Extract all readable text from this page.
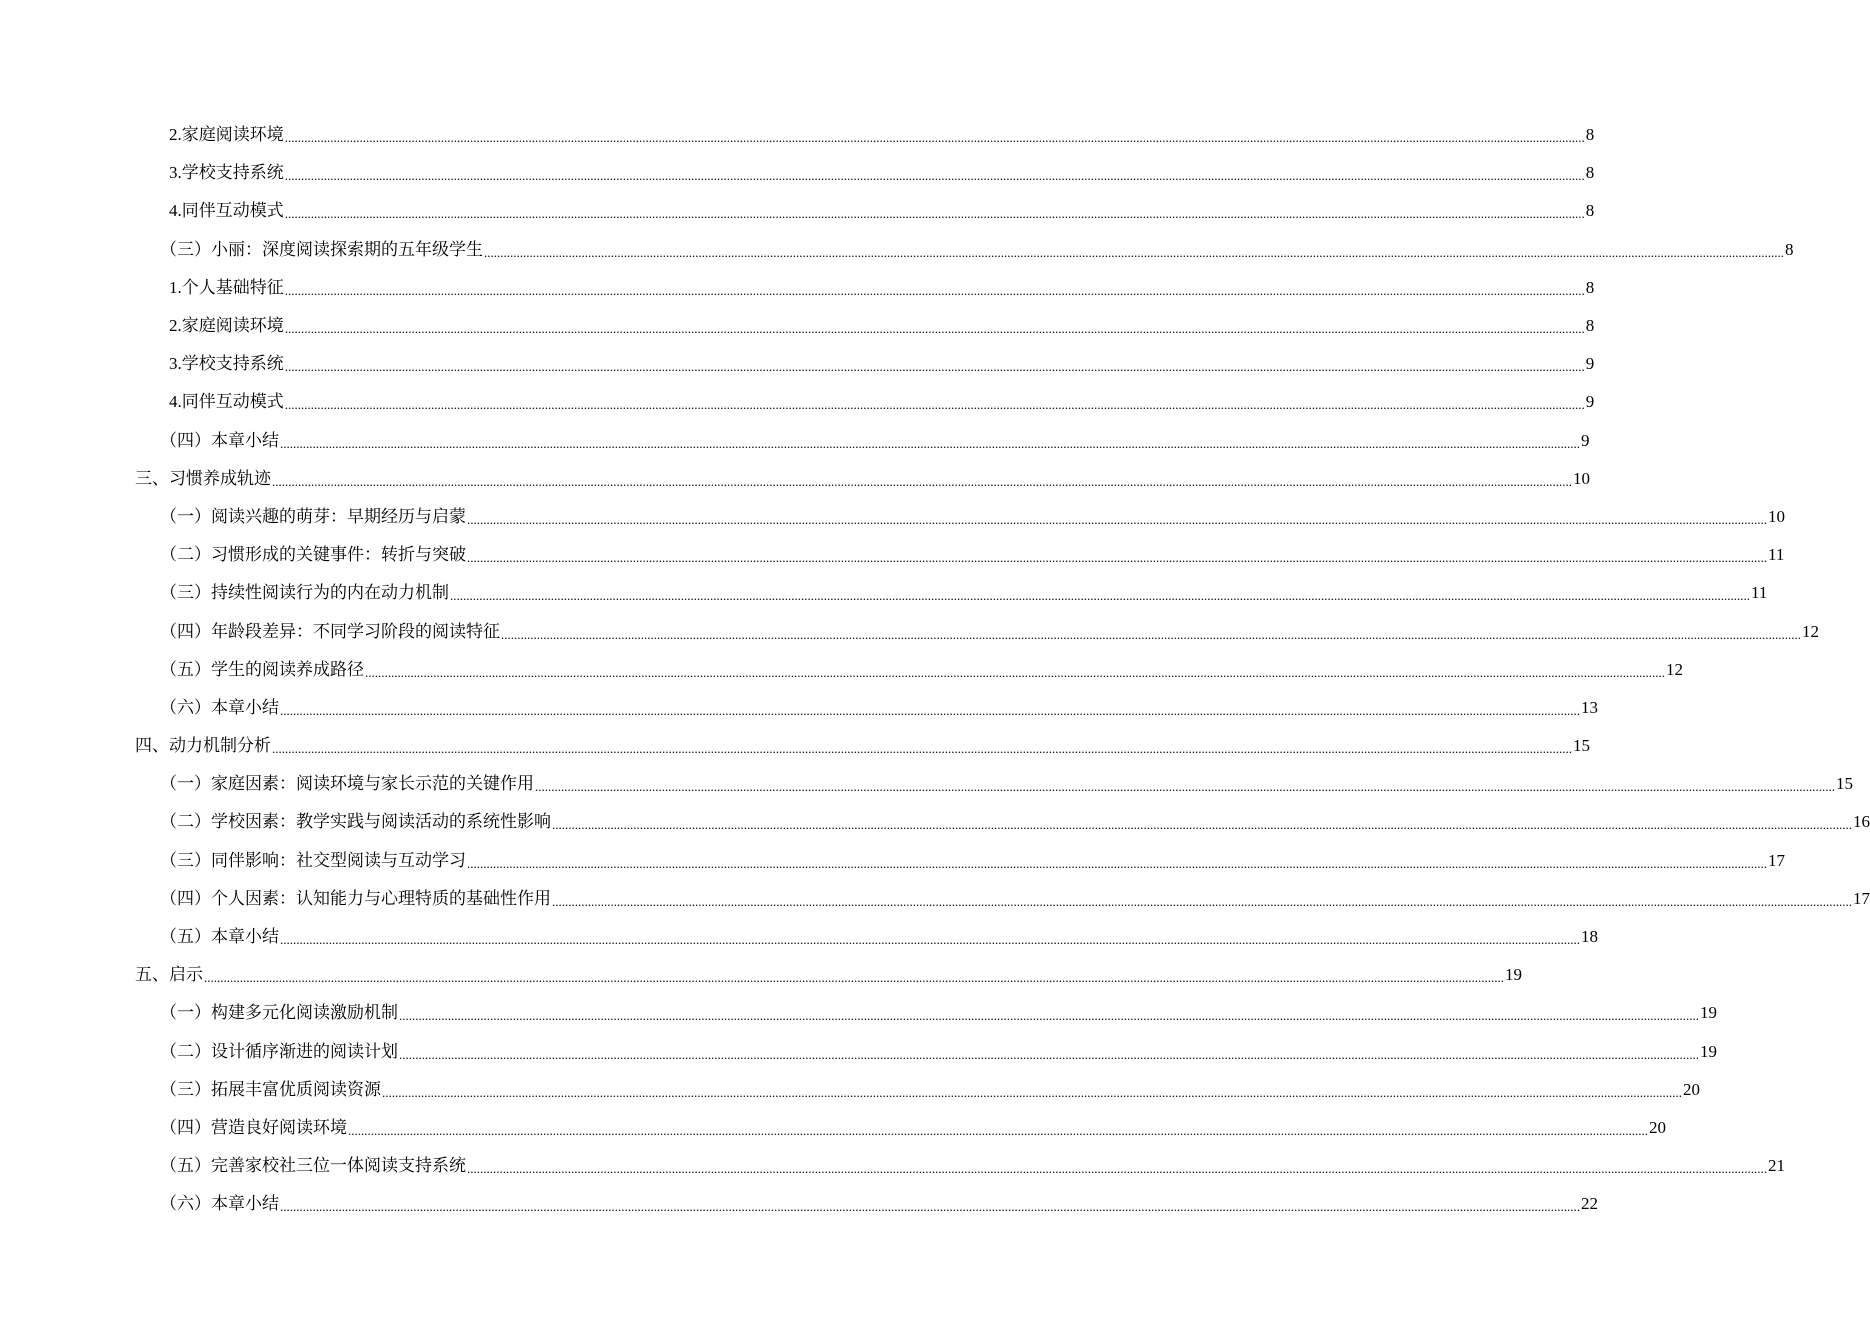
2.家庭阅读环境 ................................................................................................................................................................................................................................................................................................................................................................................................................ 8
3.学校支持系统 ................................................................................................................................................................................................................................................................................................................................................................................................................ 8
4.同伴互动模式 ................................................................................................................................................................................................................................................................................................................................................................................................................ 8
（三）小丽：深度阅读探索期的五年级学生 ................................................................................................................................................................................................................................................................................................................................................................................................................ 8
1.个人基础特征 ................................................................................................................................................................................................................................................................................................................................................................................................................ 8
2.家庭阅读环境 ................................................................................................................................................................................................................................................................................................................................................................................................................ 8
3.学校支持系统 ................................................................................................................................................................................................................................................................................................................................................................................................................ 9
4.同伴互动模式 ................................................................................................................................................................................................................................................................................................................................................................................................................ 9
（四）本章小结 ................................................................................................................................................................................................................................................................................................................................................................................................................ 9
三、习惯养成轨迹 ................................................................................................................................................................................................................................................................................................................................................................................................................ 10
（一）阅读兴趣的萌芽：早期经历与启蒙 ................................................................................................................................................................................................................................................................................................................................................................................................................ 10
（二）习惯形成的关键事件：转折与突破 ................................................................................................................................................................................................................................................................................................................................................................................................................ 11
（三）持续性阅读行为的内在动力机制 ................................................................................................................................................................................................................................................................................................................................................................................................................ 11
（四）年龄段差异：不同学习阶段的阅读特征 ................................................................................................................................................................................................................................................................................................................................................................................................................ 12
（五）学生的阅读养成路径 ................................................................................................................................................................................................................................................................................................................................................................................................................ 12
（六）本章小结 ................................................................................................................................................................................................................................................................................................................................................................................................................ 13
四、动力机制分析 ................................................................................................................................................................................................................................................................................................................................................................................................................ 15
（一）家庭因素：阅读环境与家长示范的关键作用 ................................................................................................................................................................................................................................................................................................................................................................................................................ 15
（二）学校因素：教学实践与阅读活动的系统性影响 ................................................................................................................................................................................................................................................................................................................................................................................................................ 16
（三）同伴影响：社交型阅读与互动学习 ................................................................................................................................................................................................................................................................................................................................................................................................................ 17
（四）个人因素：认知能力与心理特质的基础性作用 ................................................................................................................................................................................................................................................................................................................................................................................................................ 17
（五）本章小结 ................................................................................................................................................................................................................................................................................................................................................................................................................ 18
五、启示 ................................................................................................................................................................................................................................................................................................................................................................................................................ 19
（一）构建多元化阅读激励机制 ................................................................................................................................................................................................................................................................................................................................................................................................................ 19
（二）设计循序渐进的阅读计划 ................................................................................................................................................................................................................................................................................................................................................................................................................ 19
（三）拓展丰富优质阅读资源 ................................................................................................................................................................................................................................................................................................................................................................................................................ 20
（四）营造良好阅读环境 ................................................................................................................................................................................................................................................................................................................................................................................................................ 20
（五）完善家校社三位一体阅读支持系统 ................................................................................................................................................................................................................................................................................................................................................................................................................ 21
（六）本章小结 ................................................................................................................................................................................................................................................................................................................................................................................................................ 22
